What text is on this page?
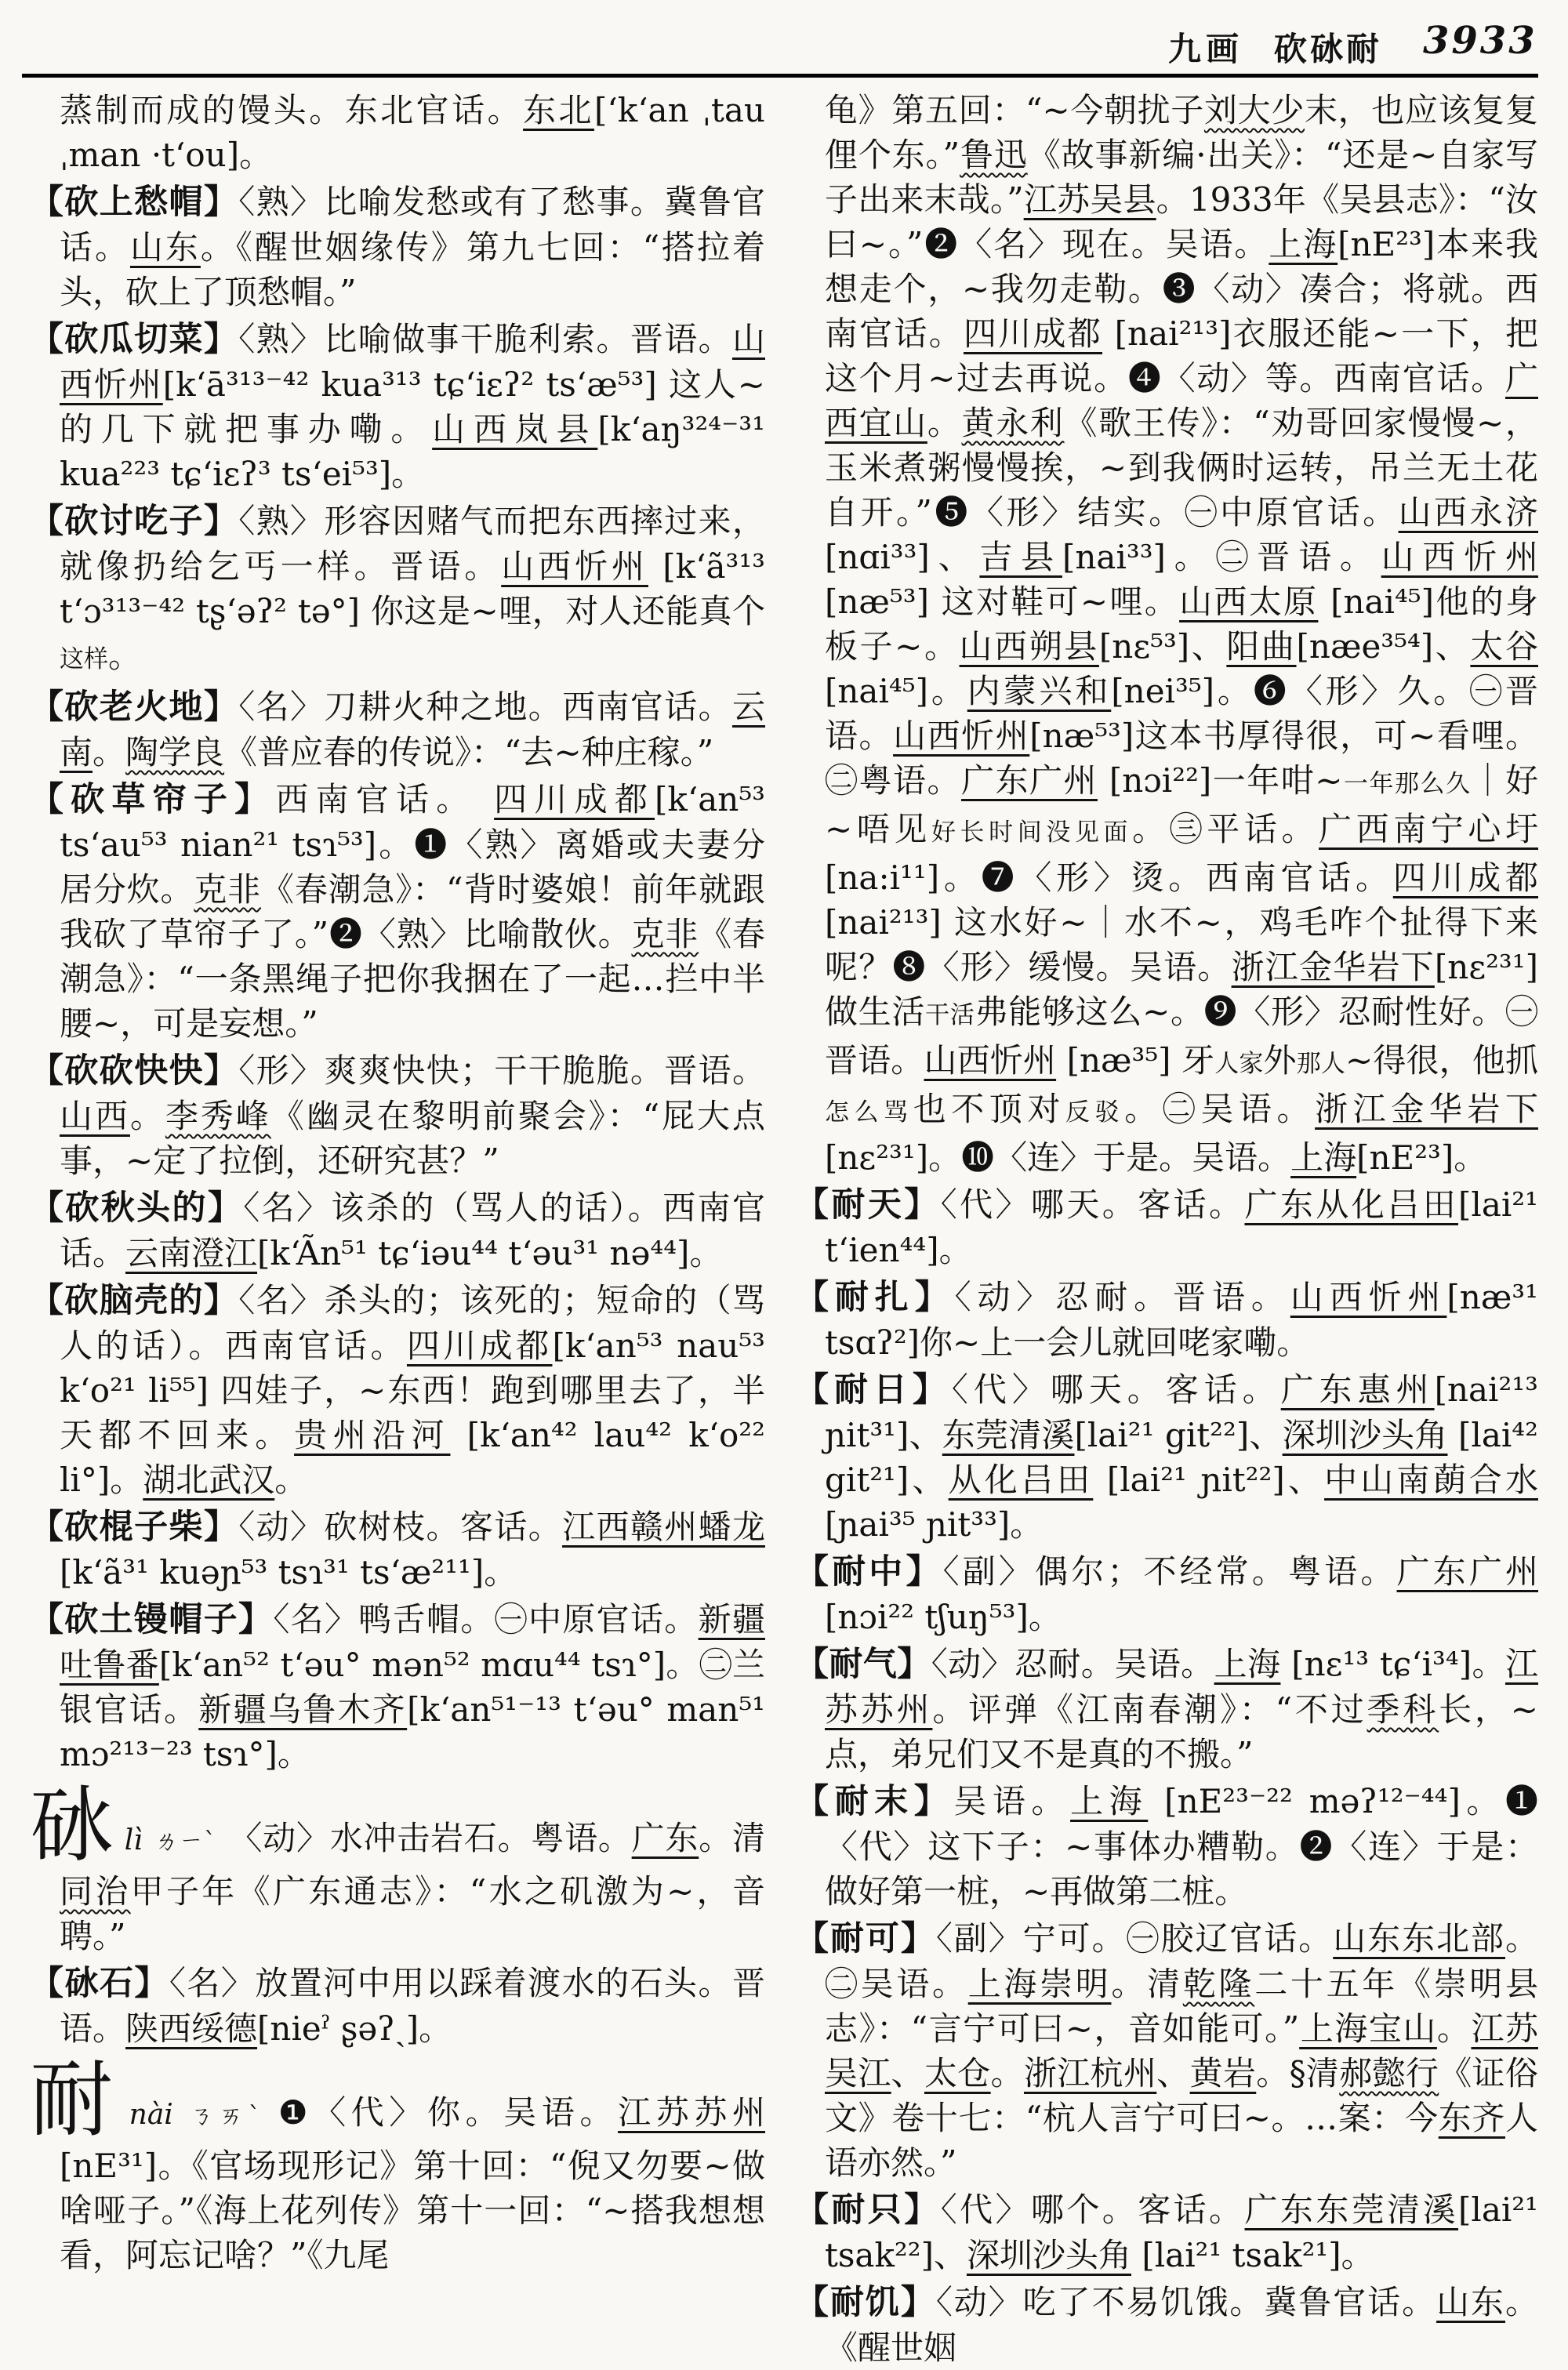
九画 砍砅耐 3933

蒸制而成的馒头。东北官话。东北[ʻkʻan ˌtau ˌman ·tʻou]。

【砍上愁帽】〈熟〉比喻发愁或有了愁事。冀鲁官话。山东。《醒世姻缘传》第九七回：“搭拉着头，砍上了顶愁帽。”

【砍瓜切菜】〈熟〉比喻做事干脆利索。晋语。山西忻州[kʻā³¹³⁻⁴² kua³¹³ tɕʻiɛʔ² tsʻæ⁵³] 这人~的几下就把事办嘞。山西岚县[kʻaŋ³²⁴⁻³¹ kua²²³ tɕʻiɛʔ³ tsʻei⁵³]。

【砍讨吃子】〈熟〉形容因赌气而把东西摔过来，就像扔给乞丐一样。晋语。山西忻州 [kʻã³¹³ tʻɔ³¹³⁻⁴² tʂʻəʔ² tə°] 你这是~哩，对人还能真个这样。

【砍老火地】〈名〉刀耕火种之地。西南官话。云南。陶学良《普应春的传说》：“去~种庄稼。”

【砍草帘子】西南官话。 四川成都[kʻan⁵³ tsʻau⁵³ nian²¹ tsɿ⁵³]。❶〈熟〉离婚或夫妻分居分炊。克非《春潮急》：“背时婆娘！前年就跟我砍了草帘子了。”❷〈熟〉比喻散伙。克非《春潮急》：“一条黑绳子把你我捆在了一起…拦中半腰~，可是妄想。”

【砍砍快快】〈形〉爽爽快快；干干脆脆。晋语。山西。李秀峰《幽灵在黎明前聚会》：“屁大点事，~定了拉倒，还研究甚？”

【砍秋头的】〈名〉该杀的（骂人的话）。西南官话。云南澄江[kʻÃn⁵¹ tɕʻiəu⁴⁴ tʻəu³¹ nə⁴⁴]。

【砍脑壳的】〈名〉杀头的；该死的；短命的（骂人的话）。西南官话。四川成都[kʻan⁵³ nau⁵³ kʻo²¹ li⁵⁵] 四娃子，~东西！跑到哪里去了，半天都不回来。贵州沿河 [kʻan⁴² lau⁴² kʻo²² li°]。湖北武汉。

【砍棍子柴】〈动〉砍树枝。客话。江西赣州蟠龙 [kʻã³¹ kuəɲ⁵³ tsɿ³¹ tsʻæ²¹¹]。

【砍土镘帽子】〈名〉鸭舌帽。㊀中原官话。新疆吐鲁番[kʻan⁵² tʻəu° mən⁵² mɑu⁴⁴ tsɿ°]。㊁兰银官话。新疆乌鲁木齐[kʻan⁵¹⁻¹³ tʻəu° man⁵¹ mɔ²¹³⁻²³ tsɿ°]。

砅lì ㄌㄧˋ 〈动〉水冲击岩石。粤语。广东。清同治甲子年《广东通志》：“水之矶激为~，音聘。”

【砅石】〈名〉放置河中用以踩着渡水的石头。晋语。陕西绥德[nieˀ ʂəʔˎ]。

耐nài ㄋㄞˋ ❶〈代〉你。吴语。江苏苏州[nE³¹]。《官场现形记》第十回：“倪又勿要~做啥哑子。”《海上花列传》第十一回：“~搭我想想看，阿忘记啥？”《九尾

龟》第五回：“~今朝扰子刘大少末，也应该复复俚个东。”鲁迅《故事新编·出关》：“还是~自家写子出来末哉。”江苏吴县。1933年《吴县志》：“汝曰~。”❷〈名〉现在。吴语。上海[nE²³]本来我想走个，~我勿走勒。❸〈动〉凑合；将就。西南官话。四川成都 [nai²¹³]衣服还能~一下，把这个月~过去再说。❹〈动〉等。西南官话。广西宜山。黄永利《歌王传》：“劝哥回家慢慢~，玉米煮粥慢慢挨，~到我俩时运转，吊兰无土花自开。”❺〈形〉结实。㊀中原官话。山西永济[nɑi³³]、吉县[nai³³]。㊁晋语。山西忻州 [næ⁵³] 这对鞋可~哩。山西太原 [nai⁴⁵]他的身板子~。山西朔县[nɛ⁵³]、阳曲[næe³⁵⁴]、太谷[nai⁴⁵]。内蒙兴和[nei³⁵]。❻〈形〉久。㊀晋语。山西忻州[næ⁵³]这本书厚得很，可~看哩。㊁粤语。广东广州 [nɔi²²]一年咁~一年那么久｜好~唔见好长时间没见面。㊂平话。广西南宁心圩[na:i¹¹]。❼〈形〉烫。西南官话。四川成都 [nai²¹³] 这水好~｜水不~，鸡毛咋个扯得下来呢？❽〈形〉缓慢。吴语。浙江金华岩下[nɛ²³¹]做生活干活弗能够这么~。❾〈形〉忍耐性好。㊀晋语。山西忻州 [næ³⁵] 牙人家外那人~得很，他抓怎么骂也不顶对反驳。㊁吴语。浙江金华岩下 [nɛ²³¹]。❿〈连〉于是。吴语。上海[nE²³]。

【耐天】〈代〉哪天。客话。广东从化吕田[lai²¹ tʻien⁴⁴]。

【耐扎】〈动〉忍耐。晋语。山西忻州[næ³¹ tsɑʔ²]你~上一会儿就回咾家嘞。

【耐日】〈代〉哪天。客话。广东惠州[nai²¹³ ɲit³¹]、东莞清溪[lai²¹ git²²]、深圳沙头角 [lai⁴² git²¹]、从化吕田 [lai²¹ ɲit²²]、中山南蓢合水[ɲai³⁵ ɲit³³]。

【耐中】〈副〉偶尔；不经常。粤语。广东广州 [nɔi²² tʃuŋ⁵³]。

【耐气】〈动〉忍耐。吴语。上海 [nɛ¹³ tɕʻi³⁴]。江苏苏州。评弹《江南春潮》：“不过季科长，~点，弟兄们又不是真的不搬。”

【耐末】吴语。上海 [nE²³⁻²² məʔ¹²⁻⁴⁴]。❶〈代〉这下子：~事体办糟勒。❷〈连〉于是：做好第一桩，~再做第二桩。

【耐可】〈副〉宁可。㊀胶辽官话。山东东北部。㊁吴语。上海崇明。清乾隆二十五年《崇明县志》：“言宁可曰~，音如能可。”上海宝山。江苏吴江、太仓。浙江杭州、黄岩。§清郝懿行《证俗文》卷十七：“杭人言宁可曰~。…案：今东齐人语亦然。”

【耐只】〈代〉哪个。客话。广东东莞清溪[lai²¹ tsak²²]、深圳沙头角 [lai²¹ tsak²¹]。

【耐饥】〈动〉吃了不易饥饿。冀鲁官话。山东。《醒世姻
